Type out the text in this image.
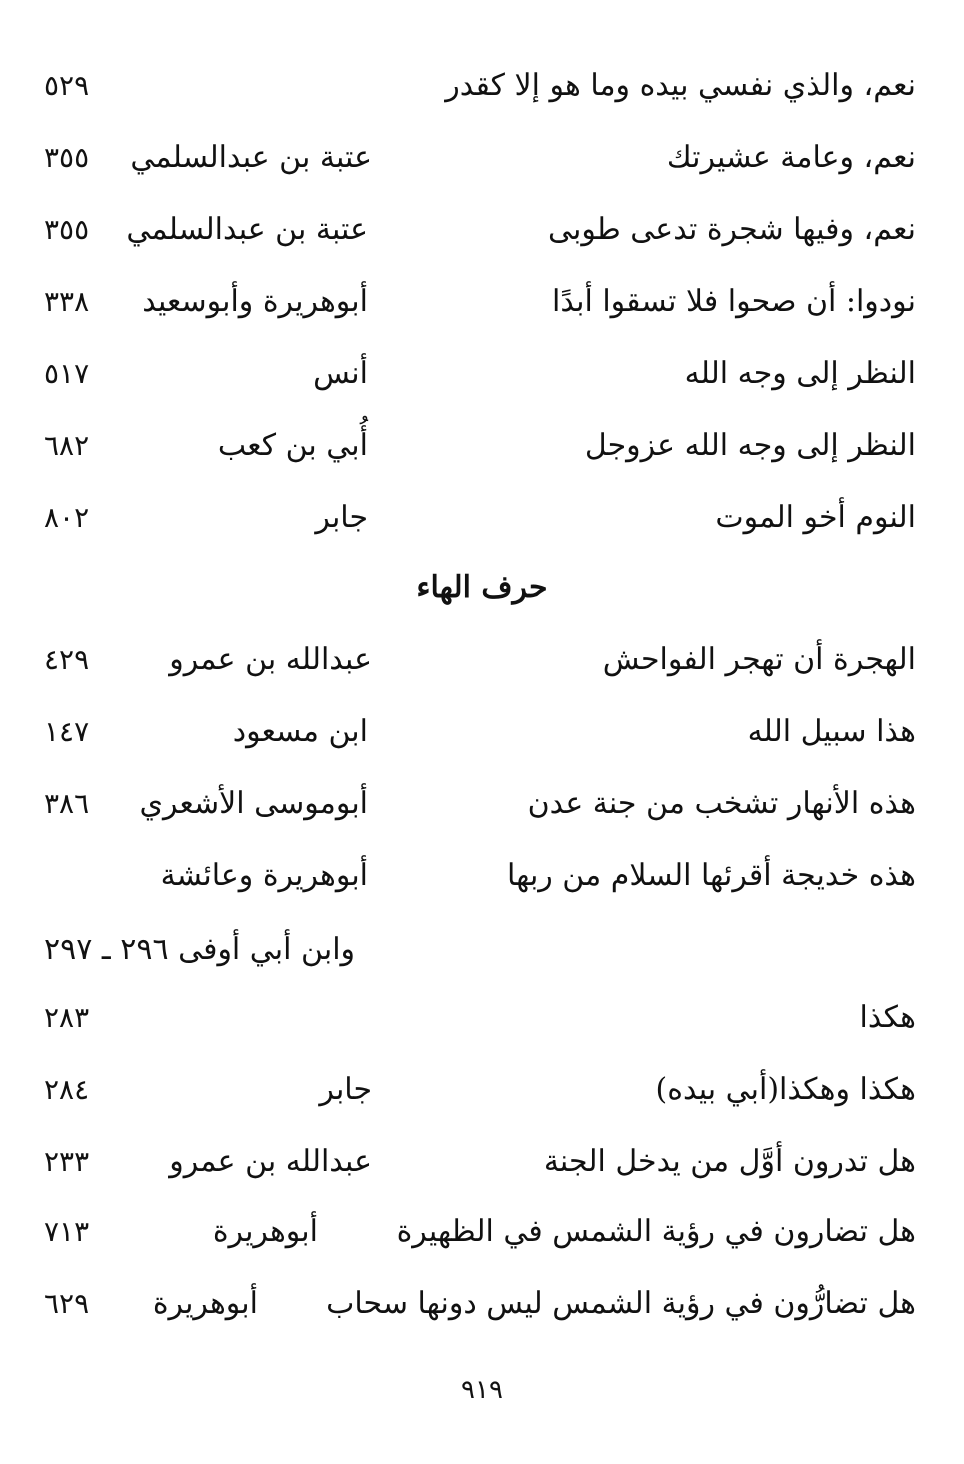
نعم، والذي نفسي بيده وما هو إلا كقدر
٥٢٩
نعم، وعامة عشيرتك
عتبة بن عبدالسلمي
٣٥٥
نعم، وفيها شجرة تدعى طوبى
عتبة بن عبدالسلمي
٣٥٥
نودوا: أن صحوا فلا تسقوا أبدًا
أبوهريرة وأبوسعيد
٣٣٨
النظر إلى وجه الله
أنس
٥١٧
النظر إلى وجه الله عزوجل
أُبي بن كعب
٦٨٢
النوم أخو الموت
جابر
٨٠٢
حرف الهاء
الهجرة أن تهجر الفواحش
عبدالله بن عمرو
٤٢٩
هذا سبيل الله
ابن مسعود
١٤٧
هذه الأنهار تشخب من جنة عدن
أبوموسى الأشعري
٣٨٦
هذه خديجة أقرئها السلام من ربها
أبوهريرة وعائشة
وابن أبي أوفى ٢٩٦ ـ ٢٩٧
هكذا
٢٨٣
هكذا وهكذا(أبي بيده)
جابر
٢٨٤
هل تدرون أوَّل من يدخل الجنة
عبدالله بن عمرو
٢٣٣
هل تضارون في رؤية الشمس في الظهيرة
أبوهريرة
٧١٣
هل تضارُّون في رؤية الشمس ليس دونها سحاب
أبوهريرة
٦٢٩
٩١٩
